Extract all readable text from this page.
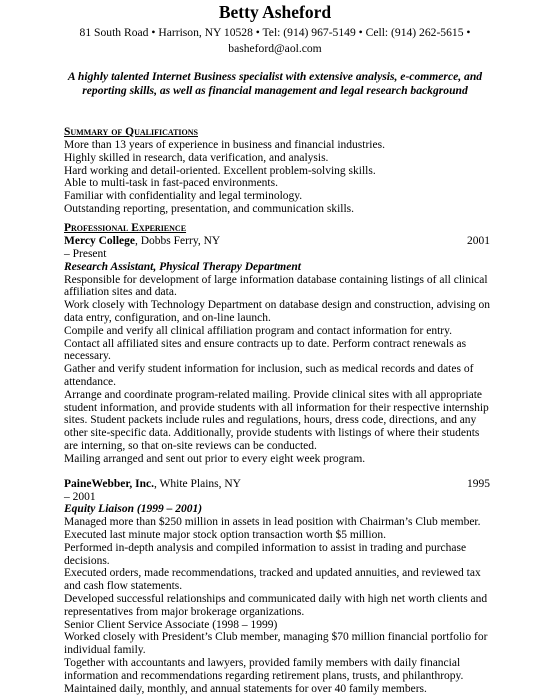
Betty Asheford
81 South Road • Harrison, NY 10528 • Tel: (914) 967-5149 • Cell: (914) 262-5615 •
basheford@aol.com
A highly talented Internet Business specialist with extensive analysis, e-commerce, and reporting skills, as well as financial management and legal research background
Summary of Qualifications
More than 13 years of experience in business and financial industries.
Highly skilled in research, data verification, and analysis.
Hard working and detail-oriented. Excellent problem-solving skills.
Able to multi-task in fast-paced environments.
Familiar with confidentiality and legal terminology.
Outstanding reporting, presentation, and communication skills.
Professional Experience
Mercy College, Dobbs Ferry, NY	2001
– Present
Research Assistant, Physical Therapy Department
Responsible for development of large information database containing listings of all clinical affiliation sites and data.
Work closely with Technology Department on database design and construction, advising on data entry, configuration, and on-line launch.
Compile and verify all clinical affiliation program and contact information for entry.
Contact all affiliated sites and ensure contracts up to date. Perform contract renewals as necessary.
Gather and verify student information for inclusion, such as medical records and dates of attendance.
Arrange and coordinate program-related mailing. Provide clinical sites with all appropriate student information, and provide students with all information for their respective internship sites. Student packets include rules and regulations, hours, dress code, directions, and any other site-specific data. Additionally, provide students with listings of where their students are interning, so that on-site reviews can be conducted.
Mailing arranged and sent out prior to every eight week program.
PaineWebber, Inc., White Plains, NY	1995
– 2001
Equity Liaison (1999 – 2001)
Managed more than $250 million in assets in lead position with Chairman’s Club member.
Executed last minute major stock option transaction worth $5 million.
Performed in-depth analysis and compiled information to assist in trading and purchase decisions.
Executed orders, made recommendations, tracked and updated annuities, and reviewed tax and cash flow statements.
Developed successful relationships and communicated daily with high net worth clients and representatives from major brokerage organizations.
Senior Client Service Associate (1998 – 1999)
Worked closely with President’s Club member, managing $70 million financial portfolio for individual family.
Together with accountants and lawyers, provided family members with daily financial information and recommendations regarding retirement plans, trusts, and philanthropy.
Maintained daily, monthly, and annual statements for over 40 family members.
